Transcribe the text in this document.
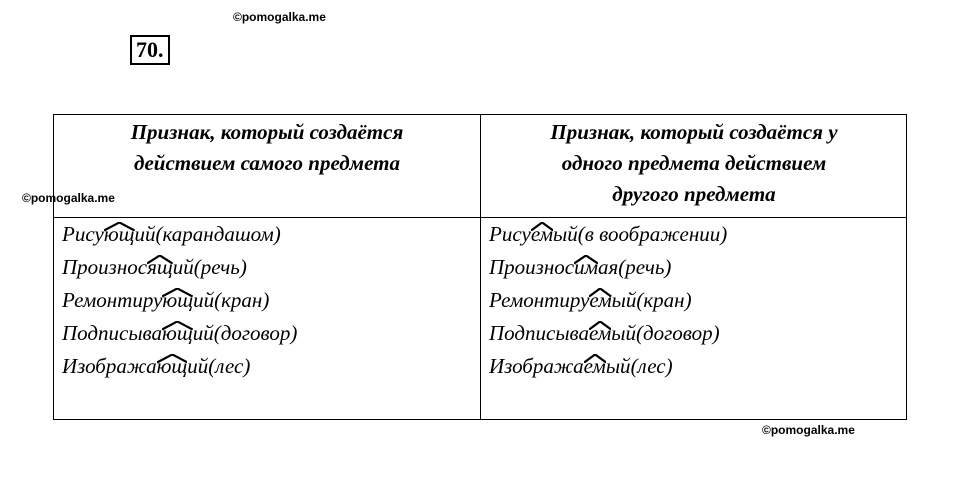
©pomogalka.me
©pomogalka.me
©pomogalka.me
70.
Признак, который создаётся
действием самого предмета
Признак, который создаётся у
одного предмета действием
другого предмета
Рисующ
ий(карандашом)
Произносящ
ий(речь)
Ремонтирующ
ий(кран)
Подписывающ
ий(договор)
Изображающ
ий(лес)
Рисуем
ый(в воображении)
Произносим
ая(речь)
Ремонтируем
ый(кран)
Подписываем
ый(договор)
Изображаем
ый(лес)
